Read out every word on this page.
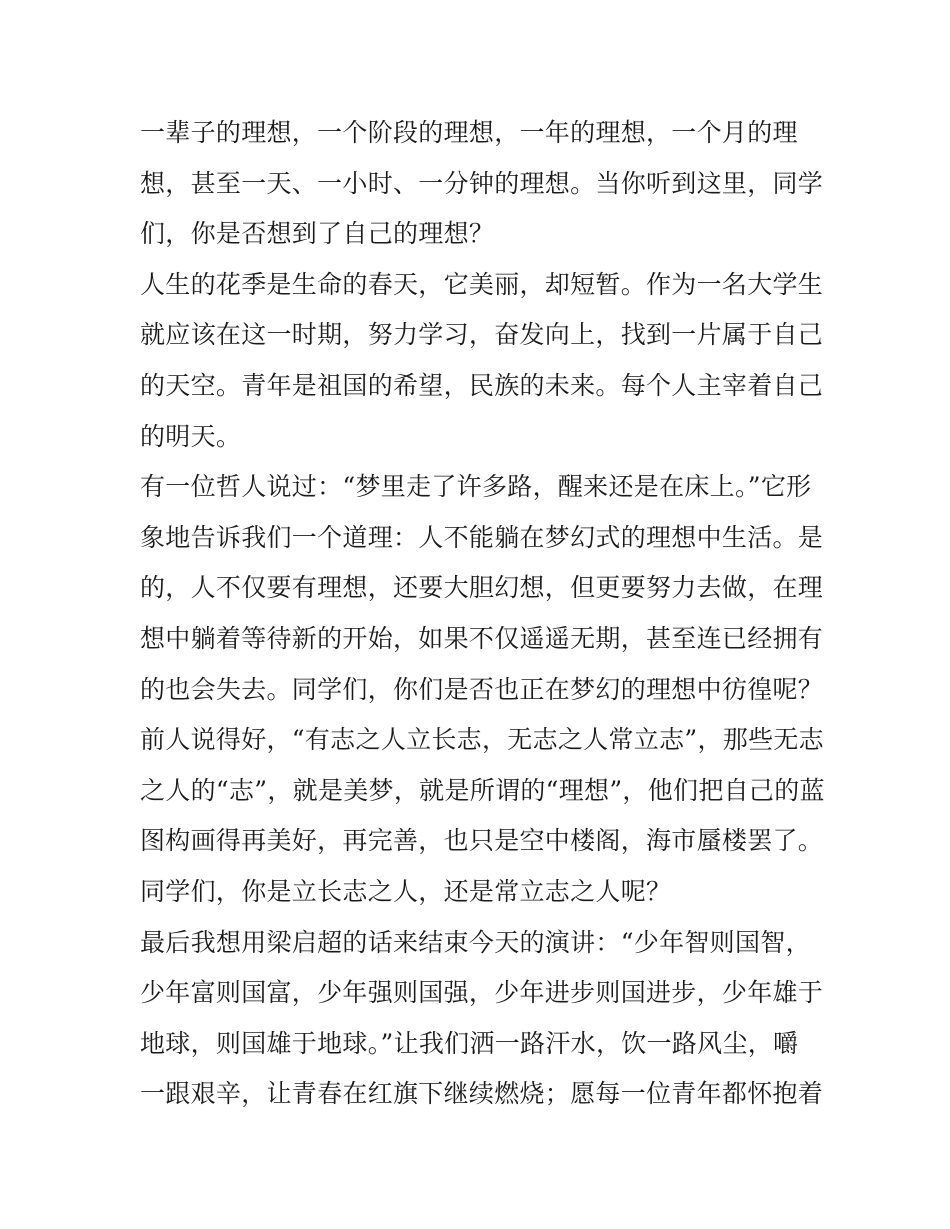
一辈子的理想，一个阶段的理想，一年的理想，一个月的理
想，甚至一天、一小时、一分钟的理想。当你听到这里，同学
们，你是否想到了自己的理想？
人生的花季是生命的春天，它美丽，却短暂。作为一名大学生
就应该在这一时期，努力学习，奋发向上，找到一片属于自己
的天空。青年是祖国的希望，民族的未来。每个人主宰着自己
的明天。
有一位哲人说过：“梦里走了许多路，醒来还是在床上。”它形
象地告诉我们一个道理：人不能躺在梦幻式的理想中生活。是
的，人不仅要有理想，还要大胆幻想，但更要努力去做，在理
想中躺着等待新的开始，如果不仅遥遥无期，甚至连已经拥有
的也会失去。同学们，你们是否也正在梦幻的理想中彷徨呢？
前人说得好，“有志之人立长志，无志之人常立志”，那些无志
之人的“志”，就是美梦，就是所谓的“理想”，他们把自己的蓝
图构画得再美好，再完善，也只是空中楼阁，海市蜃楼罢了。
同学们，你是立长志之人，还是常立志之人呢？
最后我想用梁启超的话来结束今天的演讲：“少年智则国智，
少年富则国富，少年强则国强，少年进步则国进步，少年雄于
地球，则国雄于地球。”让我们洒一路汗水，饮一路风尘，嚼
一跟艰辛，让青春在红旗下继续燃烧；愿每一位青年都怀抱着
